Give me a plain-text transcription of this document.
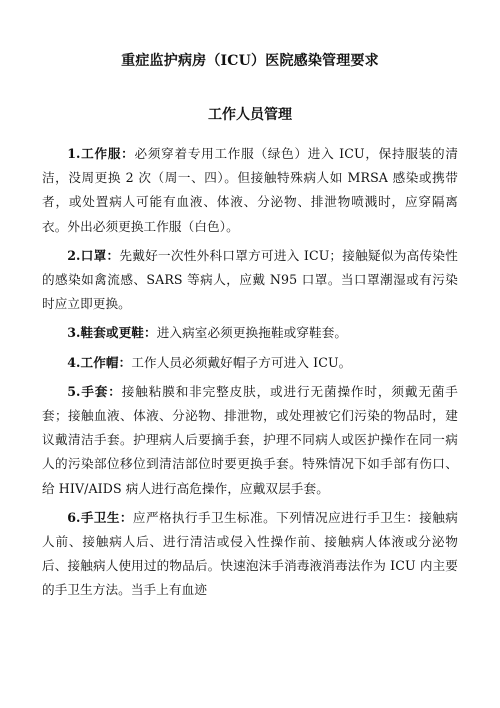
重症监护病房（ICU）医院感染管理要求
工作人员管理

1.工作服：必须穿着专用工作服（绿色）进入 ICU，保持服装的清洁，没周更换 2 次（周一、四）。但接触特殊病人如 MRSA 感染或携带者，或处置病人可能有血液、体液、分泌物、排泄物喷溅时，应穿隔离衣。外出必须更换工作服（白色）。

2.口罩：先戴好一次性外科口罩方可进入 ICU；接触疑似为高传染性的感染如禽流感、SARS 等病人，应戴 N95 口罩。当口罩潮湿或有污染时应立即更换。

3.鞋套或更鞋：进入病室必须更换拖鞋或穿鞋套。

4.工作帽：工作人员必须戴好帽子方可进入 ICU。

5.手套：接触粘膜和非完整皮肤，或进行无菌操作时，须戴无菌手套；接触血液、体液、分泌物、排泄物，或处理被它们污染的物品时，建议戴清洁手套。护理病人后要摘手套，护理不同病人或医护操作在同一病人的污染部位移位到清洁部位时要更换手套。特殊情况下如手部有伤口、给 HIV/AIDS 病人进行高危操作，应戴双层手套。

6.手卫生：应严格执行手卫生标准。下列情况应进行手卫生：接触病人前、接触病人后、进行清洁或侵入性操作前、接触病人体液或分泌物后、接触病人使用过的物品后。快速泡沫手消毒液消毒法作为 ICU 内主要的手卫生方法。当手上有血迹
